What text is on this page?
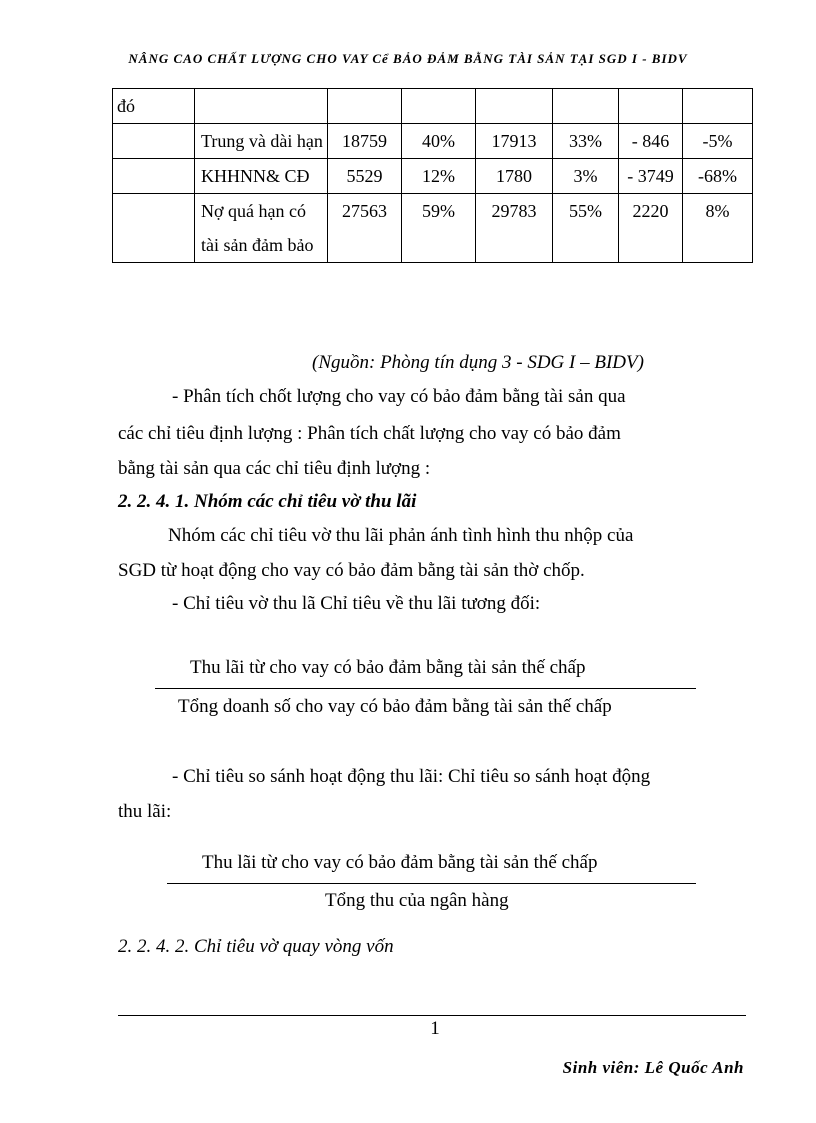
NÂNG CAO CHẤT LƯỢNG CHO VAY Cể BẢO ĐẢM BẰNG TÀI SẢN TẠI SGD I - BIDV
đó							
	Trung và dài hạn	18759	40%	17913	33%	- 846	-5%
	KHHNN& CĐ	5529	12%	1780	3%	- 3749	-68%
	Nợ quá hạn có tài sản đảm bảo	27563	59%	29783	55%	2220	8%
(Nguồn: Phòng tín dụng 3 - SDG I – BIDV)
- Phân tích chốt lượng cho vay có bảo đảm bằng tài sản qua
các chỉ tiêu định lượng : Phân tích chất lượng cho vay có bảo đảm
bằng tài sản qua các chỉ tiêu định lượng :
2. 2. 4. 1. Nhóm các chỉ tiêu vờ thu lãi
Nhóm các chỉ tiêu vờ thu lãi phản ánh tình hình thu nhộp của
SGD từ hoạt động cho vay có bảo đảm bằng tài sản thờ chốp.
- Chỉ tiêu vờ thu lã Chỉ tiêu về thu lãi tương đối:
Thu lãi từ cho vay có bảo đảm bằng tài sản thế chấp
Tổng doanh số cho vay có bảo đảm bằng tài sản thế chấp
- Chỉ tiêu so sánh hoạt động thu lãi: Chỉ tiêu so sánh hoạt động
thu lãi:
Thu lãi từ cho vay có bảo đảm bằng tài sản thế chấp
Tổng thu của ngân hàng
2. 2. 4. 2. Chỉ tiêu vờ quay vòng vốn
1
Sinh viên: Lê Quốc Anh
